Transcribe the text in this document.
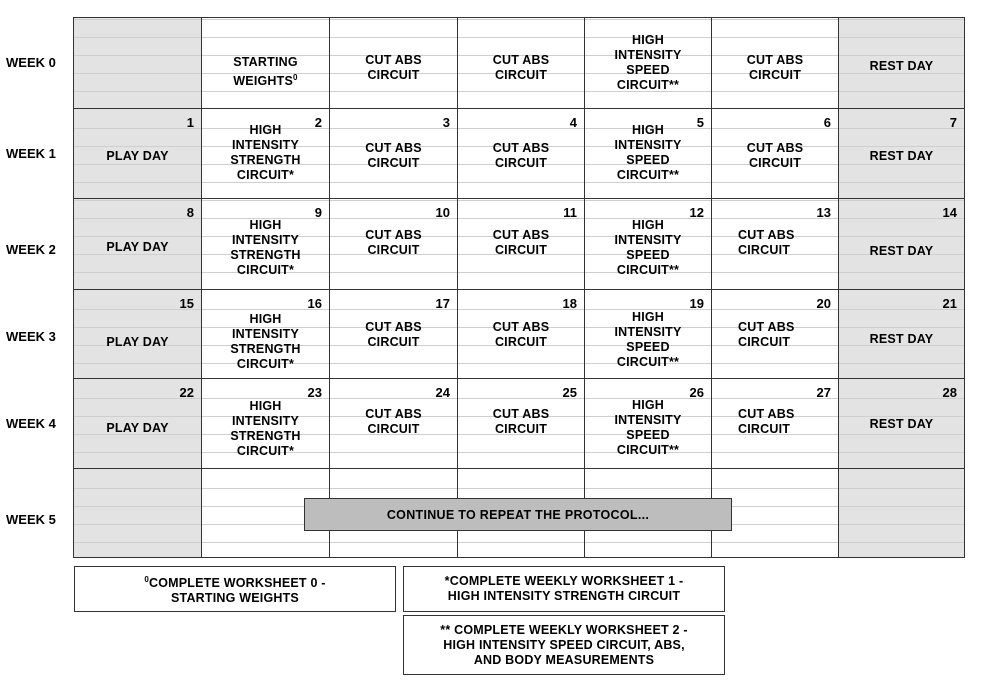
WEEK 0
WEEK 1
WEEK 2
WEEK 3
WEEK 4
WEEK 5
STARTING
WEIGHTS$^0$
CUT ABS
CIRCUIT
CUT ABS
CIRCUIT
HIGH
INTENSITY
SPEED
CIRCUIT**
CUT ABS
CIRCUIT
REST DAY
1
PLAY DAY
2
HIGH
INTENSITY
STRENGTH
CIRCUIT*
3
CUT ABS
CIRCUIT
4
CUT ABS
CIRCUIT
5
HIGH
INTENSITY
SPEED
CIRCUIT**
6
CUT ABS
CIRCUIT
7
REST DAY
8
PLAY DAY
9
HIGH
INTENSITY
STRENGTH
CIRCUIT*
10
CUT ABS
CIRCUIT
11
CUT ABS
CIRCUIT
12
HIGH
INTENSITY
SPEED
CIRCUIT**
13
CUT ABS
CIRCUIT
14
REST DAY
15
PLAY DAY
16
HIGH
INTENSITY
STRENGTH
CIRCUIT*
17
CUT ABS
CIRCUIT
18
CUT ABS
CIRCUIT
19
HIGH
INTENSITY
SPEED
CIRCUIT**
20
CUT ABS
CIRCUIT
21
REST DAY
22
PLAY DAY
23
HIGH
INTENSITY
STRENGTH
CIRCUIT*
24
CUT ABS
CIRCUIT
25
CUT ABS
CIRCUIT
26
HIGH
INTENSITY
SPEED
CIRCUIT**
27
CUT ABS
CIRCUIT
28
REST DAY
CONTINUE TO REPEAT THE PROTOCOL...
$^0$COMPLETE WORKSHEET 0 -
STARTING WEIGHTS
*COMPLETE WEEKLY WORKSHEET 1 -
HIGH INTENSITY STRENGTH CIRCUIT
** COMPLETE WEEKLY WORKSHEET 2 -
HIGH INTENSITY SPEED CIRCUIT, ABS,
AND BODY MEASUREMENTS
